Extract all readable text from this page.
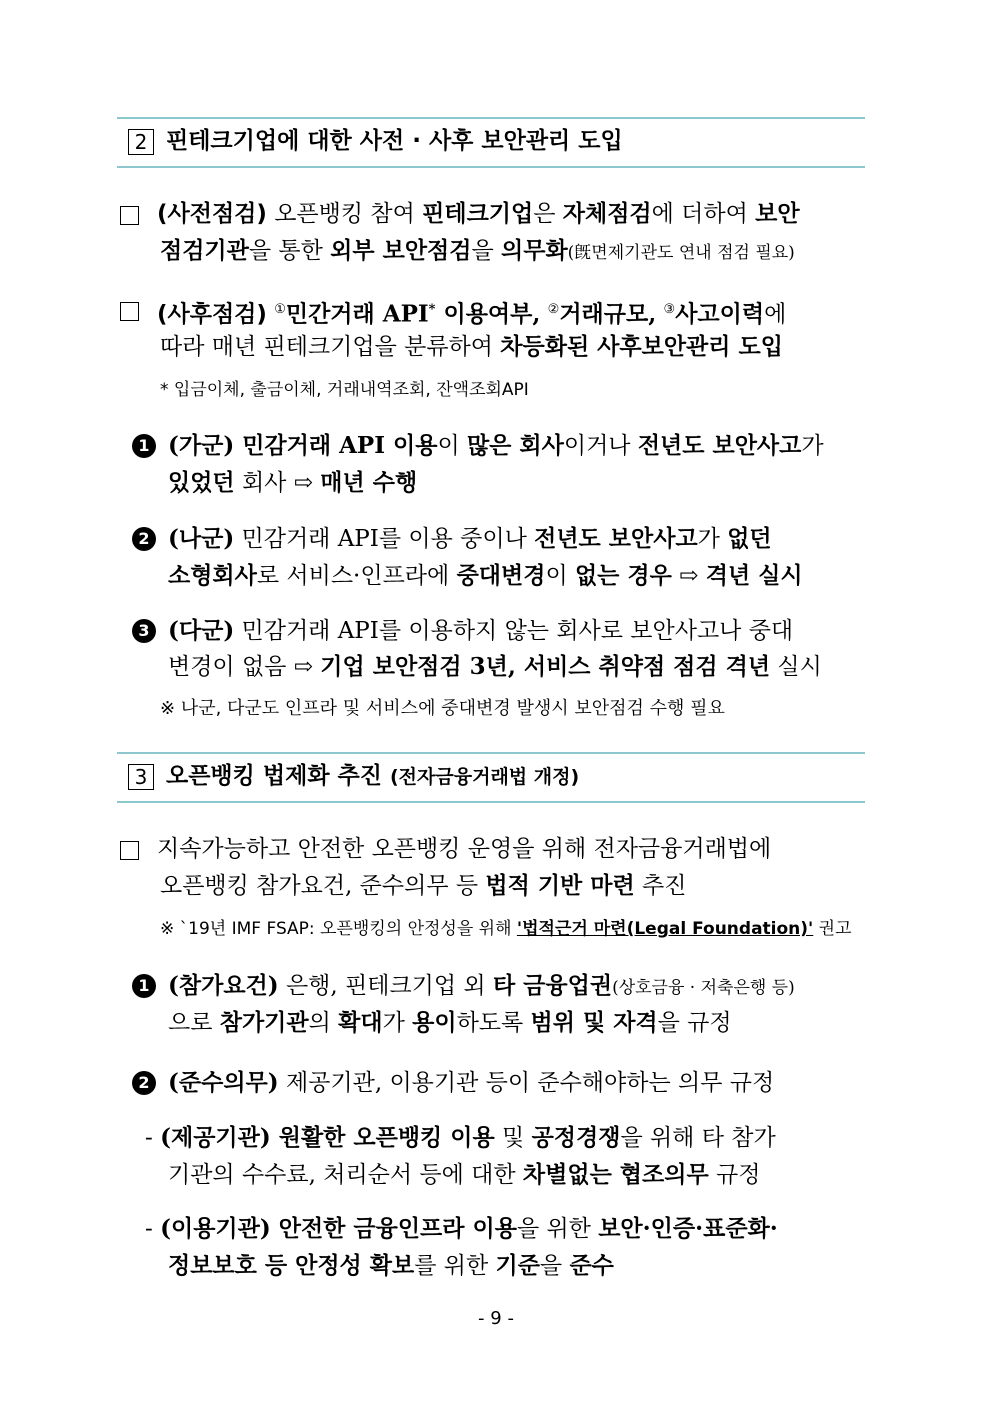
2 핀테크기업에 대한 사전 · 사후 보안관리 도입
(사전점검) 오픈뱅킹 참여 핀테크기업은 자체점검에 더하여 보안
점검기관을 통한 외부 보안점검을 의무화(旣면제기관도 연내 점검 필요)
(사후점검) ①민간거래 API* 이용여부, ②거래규모, ③사고이력에
따라 매년 핀테크기업을 분류하여 차등화된 사후보안관리 도입
* 입금이체, 출금이체, 거래내역조회, 잔액조회API
1 (가군) 민감거래 API 이용이 많은 회사이거나 전년도 보안사고가
있었던 회사 ⇨ 매년 수행
2 (나군) 민감거래 API를 이용 중이나 전년도 보안사고가 없던
소형회사로 서비스·인프라에 중대변경이 없는 경우 ⇨ 격년 실시
3 (다군) 민감거래 API를 이용하지 않는 회사로 보안사고나 중대
변경이 없음 ⇨ 기업 보안점검 3년, 서비스 취약점 점검 격년 실시
※ 나군, 다군도 인프라 및 서비스에 중대변경 발생시 보안점검 수행 필요
3 오픈뱅킹 법제화 추진 (전자금융거래법 개정)
지속가능하고 안전한 오픈뱅킹 운영을 위해 전자금융거래법에
오픈뱅킹 참가요건, 준수의무 등 법적 기반 마련 추진
※ `19년 IMF FSAP: 오픈뱅킹의 안정성을 위해 '법적근거 마련(Legal Foundation)' 권고
1 (참가요건) 은행, 핀테크기업 외 타 금융업권(상호금융 · 저축은행 등)
으로 참가기관의 확대가 용이하도록 범위 및 자격을 규정
2 (준수의무) 제공기관, 이용기관 등이 준수해야하는 의무 규정
- (제공기관) 원활한 오픈뱅킹 이용 및 공정경쟁을 위해 타 참가
기관의 수수료, 처리순서 등에 대한 차별없는 협조의무 규정
- (이용기관) 안전한 금융인프라 이용을 위한 보안·인증·표준화·
정보보호 등 안정성 확보를 위한 기준을 준수
- 9 -
